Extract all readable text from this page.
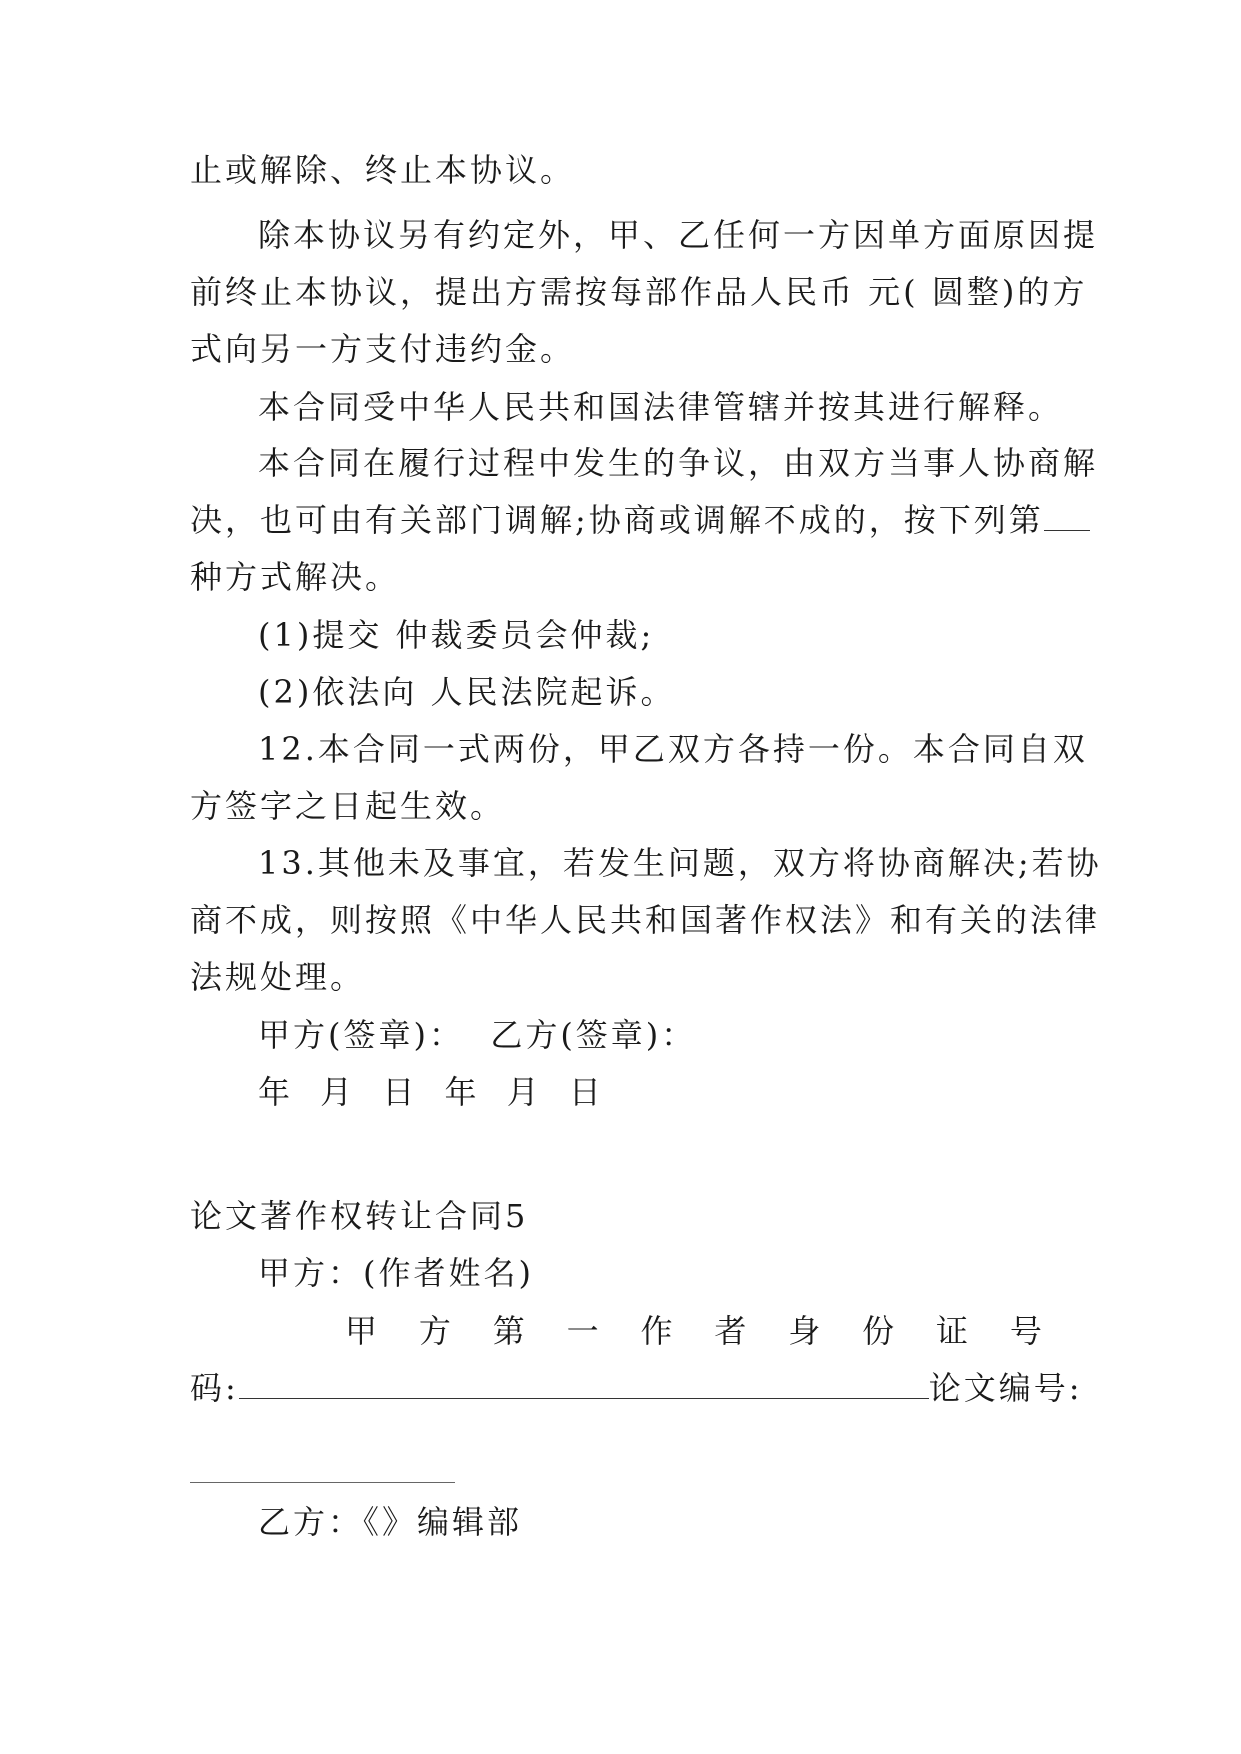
止或解除、终止本协议。
除本协议另有约定外，甲、乙任何一方因单方面原因提
前终止本协议，提出方需按每部作品人民币 元( 圆整)的方
式向另一方支付违约金。
本合同受中华人民共和国法律管辖并按其进行解释。
本合同在履行过程中发生的争议，由双方当事人协商解
决，也可由有关部门调解;协商或调解不成的，按下列第
种方式解决。
(1)提交 仲裁委员会仲裁;
(2)依法向 人民法院起诉。
12.本合同一式两份，甲乙双方各持一份。本合同自双
方签字之日起生效。
13.其他未及事宜，若发生问题，双方将协商解决;若协
商不成，则按照《中华人民共和国著作权法》和有关的法律
法规处理。
甲方(签章)：  乙方(签章)：
年 月 日 年 月 日
论文著作权转让合同5
甲方：(作者姓名)
甲 方 第 一 作 者 身 份 证 号
码:	论文编号:
乙方：《》编辑部
